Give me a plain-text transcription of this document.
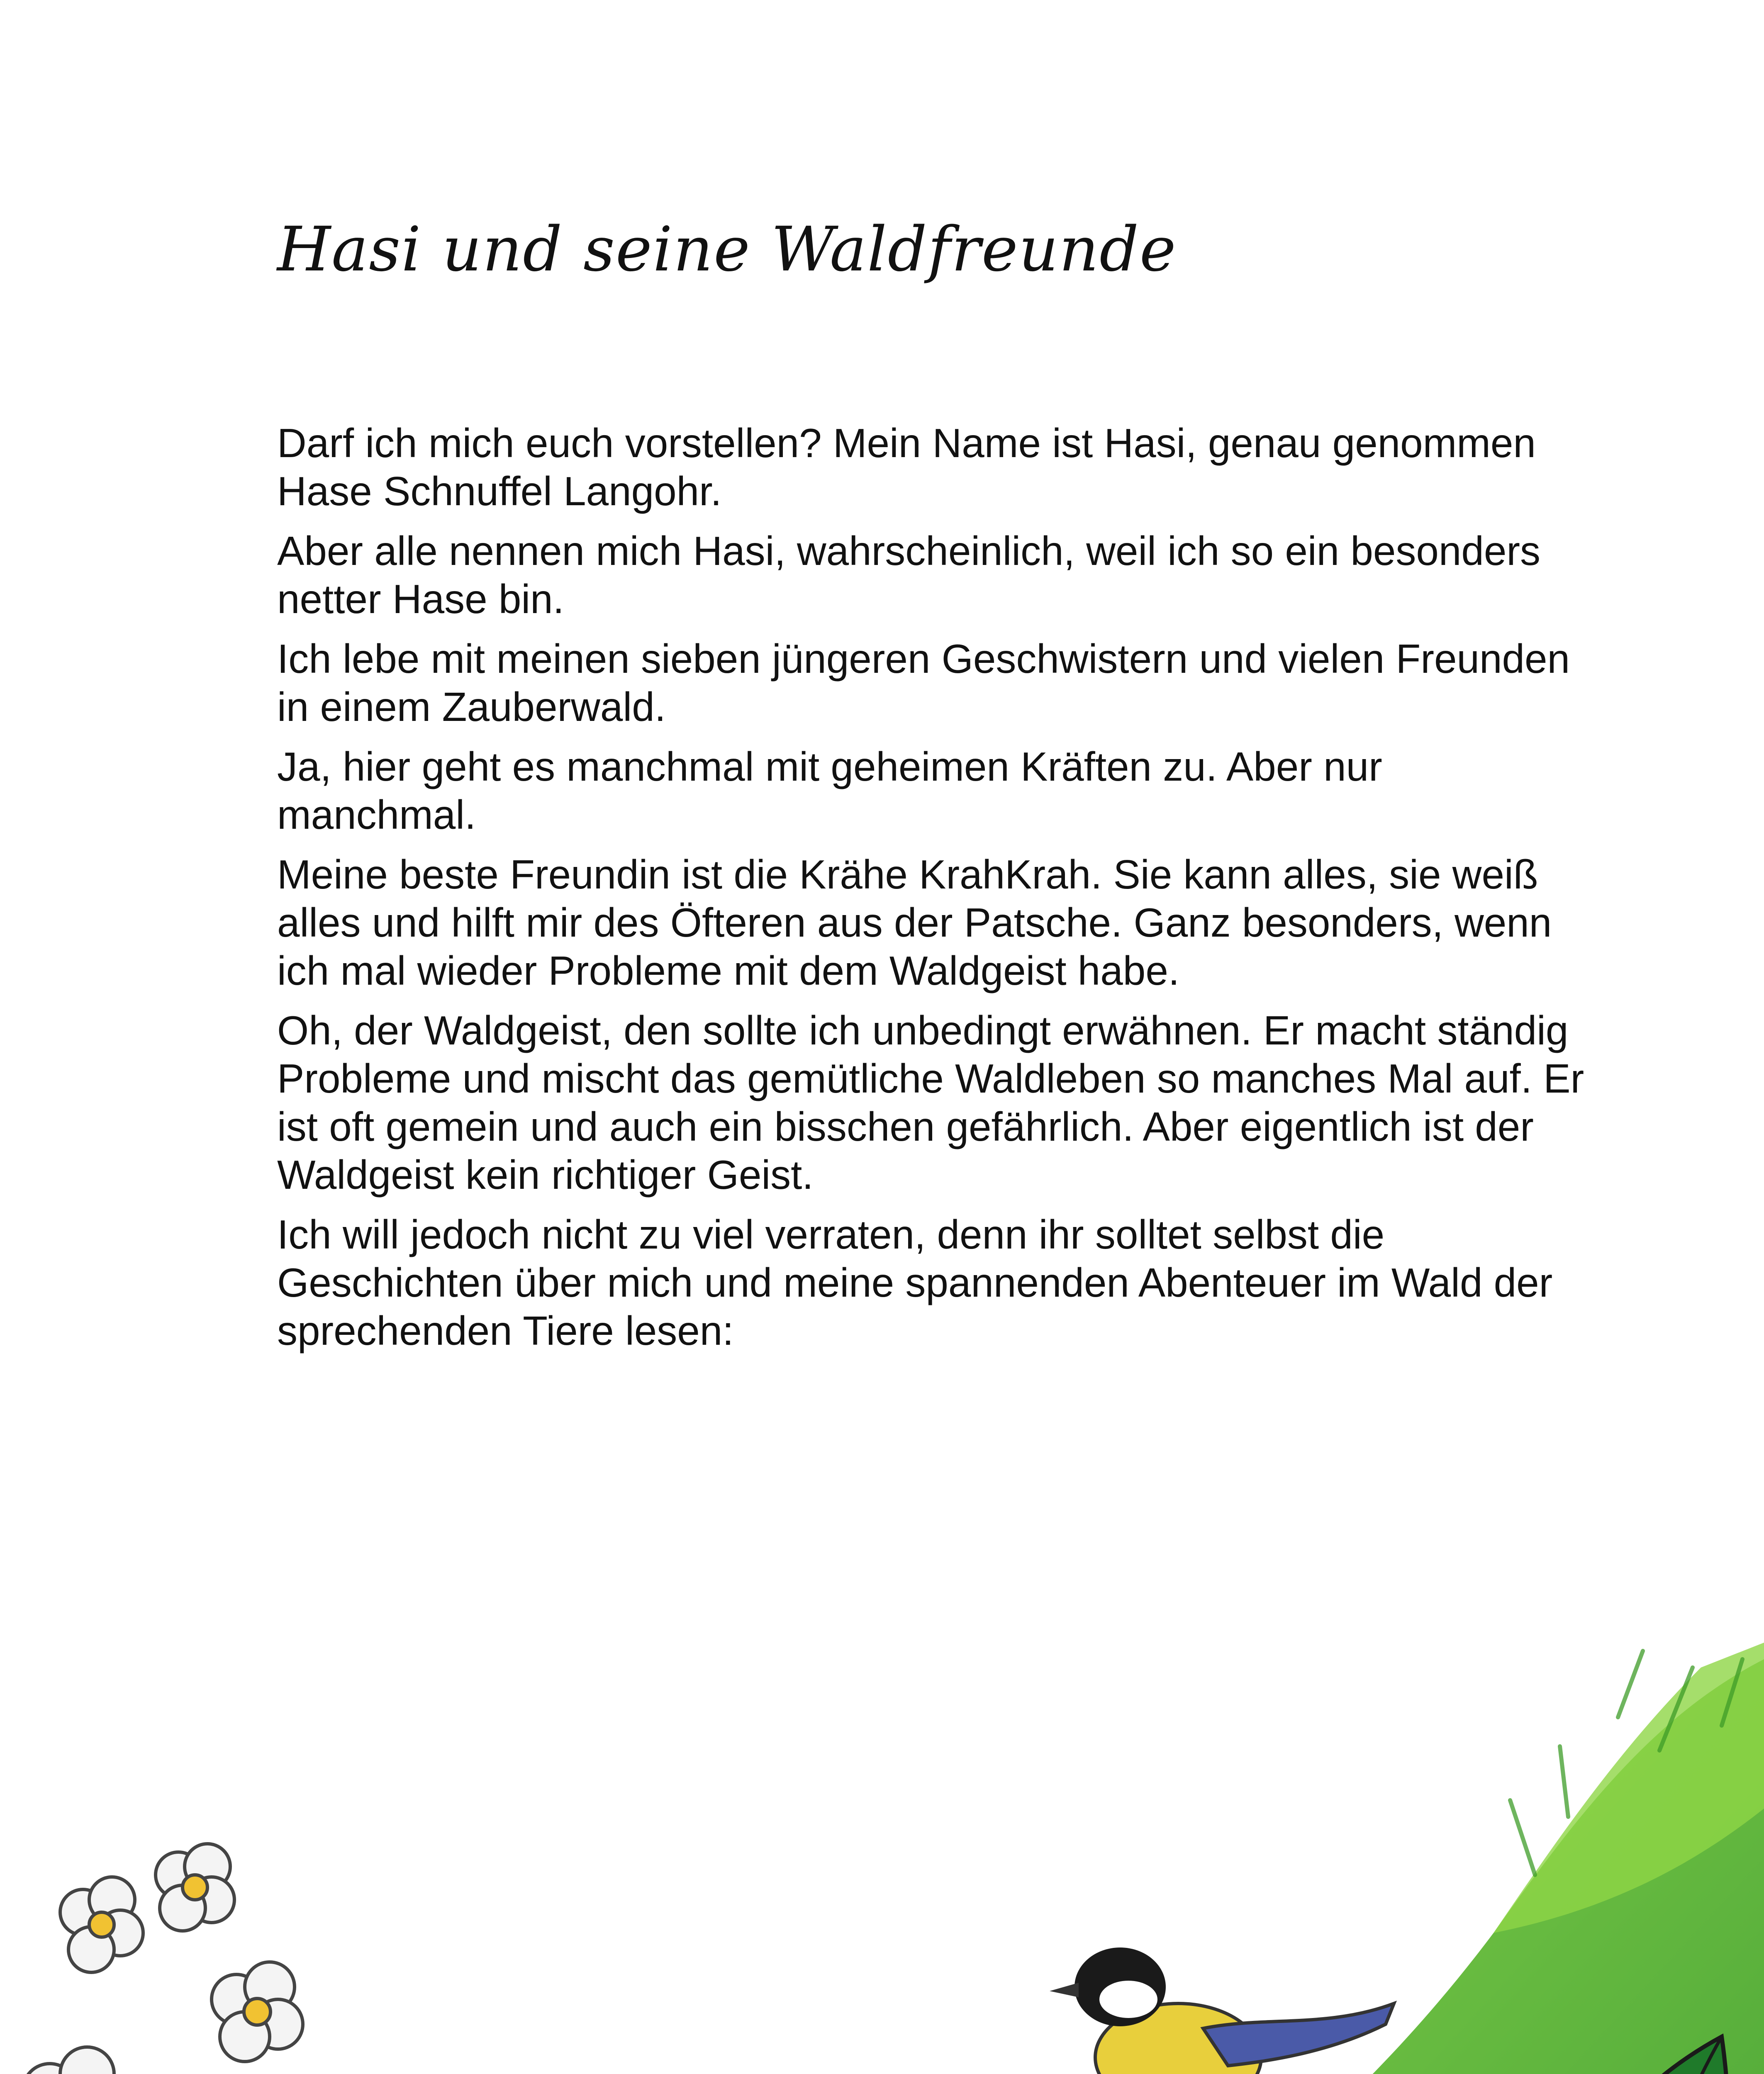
Hasi und seine Waldfreunde

Darf ich mich euch vorstellen? Mein Name ist Hasi, genau genommen Hase Schnuffel Langohr.

Aber alle nennen mich Hasi, wahrscheinlich, weil ich so ein besonders netter Hase bin.

Ich lebe mit meinen sieben jüngeren Geschwistern und vielen Freunden in einem Zauberwald.

Ja, hier geht es manchmal mit geheimen Kräften zu. Aber nur manchmal.

Meine beste Freundin ist die Krähe KrahKrah. Sie kann alles, sie weiß alles und hilft mir des Öfteren aus der Patsche. Ganz besonders, wenn ich mal wieder Probleme mit dem Waldgeist habe.

Oh, der Waldgeist, den sollte ich unbedingt erwähnen. Er macht ständig Probleme und mischt das gemütliche Waldleben so manches Mal auf. Er ist oft gemein und auch ein bisschen gefährlich. Aber eigentlich ist der Waldgeist kein richtiger Geist.

Ich will jedoch nicht zu viel verraten, denn ihr solltet selbst die Geschichten über mich und meine spannenden Abenteuer im Wald der sprechenden Tiere lesen:
